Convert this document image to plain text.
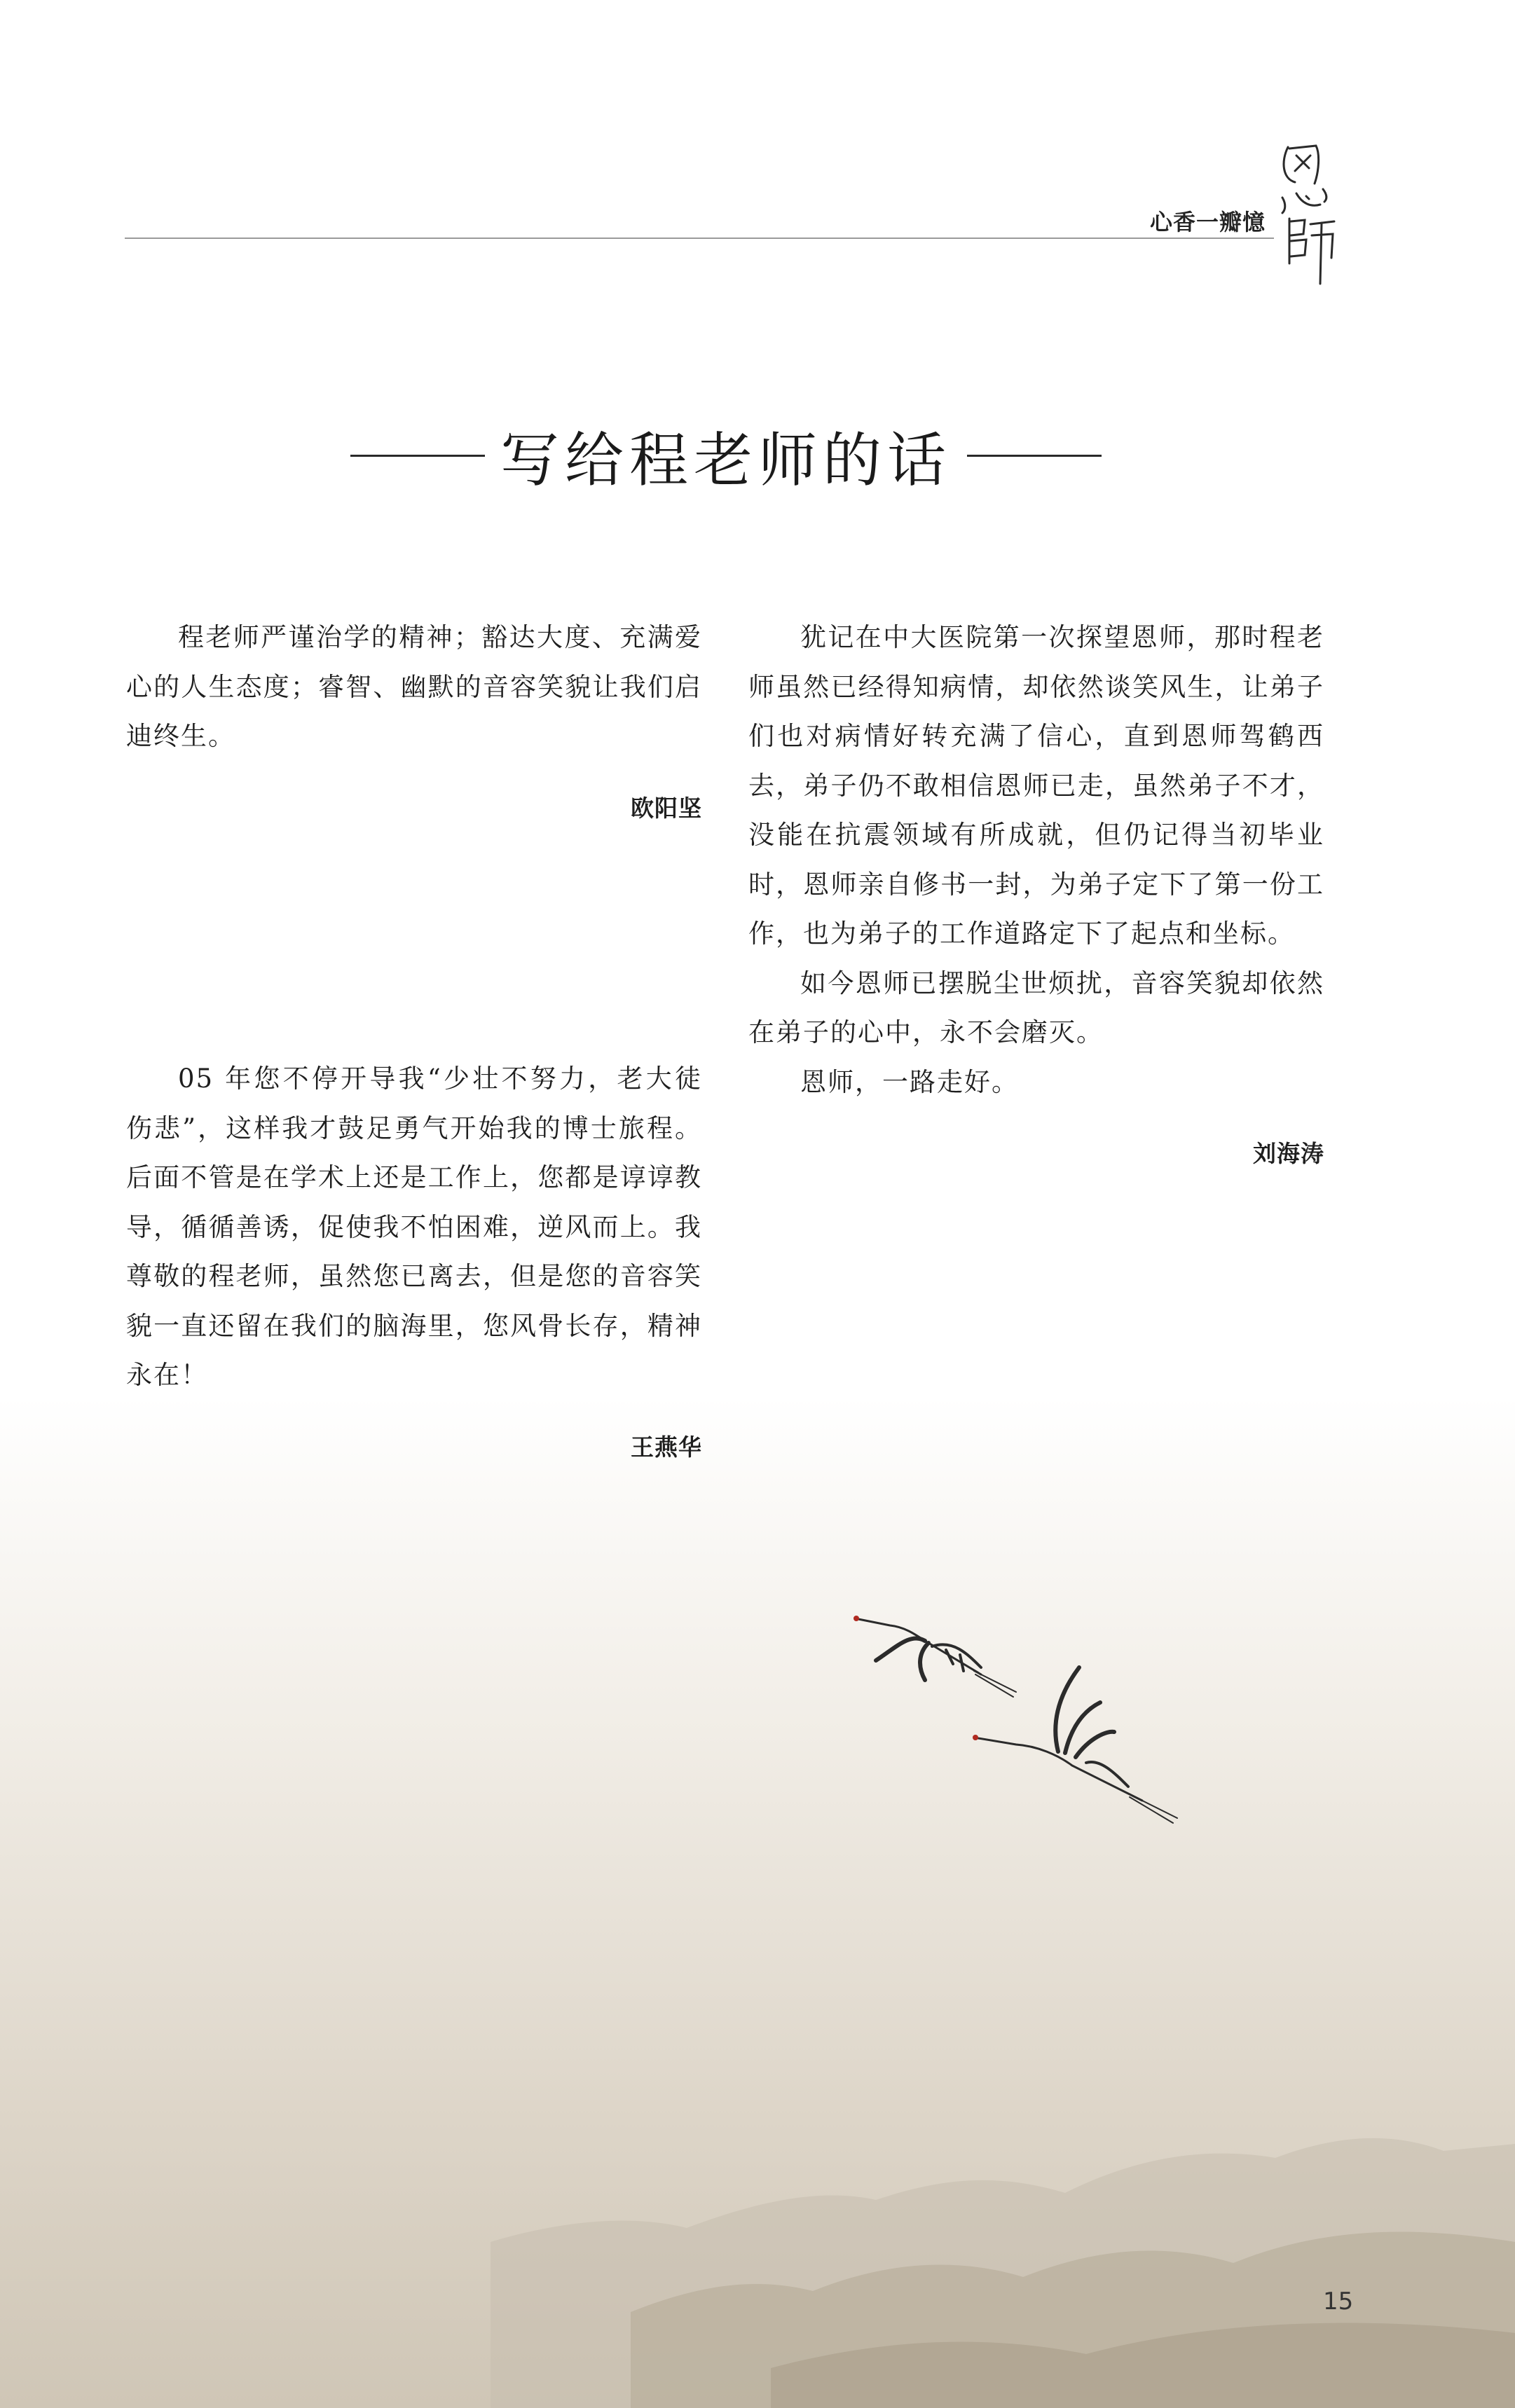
心香一瓣憶
写给程老师的话

程老师严谨治学的精神；豁达大度、充满爱心的人生态度；睿智、幽默的音容笑貌让我们启迪终生。

欧阳坚

05 年您不停开导我“少壮不努力，老大徒伤悲”，这样我才鼓足勇气开始我的博士旅程。后面不管是在学术上还是工作上，您都是谆谆教导，循循善诱，促使我不怕困难，逆风而上。我尊敬的程老师，虽然您已离去，但是您的音容笑貌一直还留在我们的脑海里，您风骨长存，精神永在！

王燕华

犹记在中大医院第一次探望恩师，那时程老师虽然已经得知病情，却依然谈笑风生，让弟子们也对病情好转充满了信心，直到恩师驾鹤西去，弟子仍不敢相信恩师已走，虽然弟子不才，没能在抗震领域有所成就，但仍记得当初毕业时，恩师亲自修书一封，为弟子定下了第一份工作，也为弟子的工作道路定下了起点和坐标。

如今恩师已摆脱尘世烦扰，音容笑貌却依然在弟子的心中，永不会磨灭。

恩师，一路走好。

刘海涛
15
